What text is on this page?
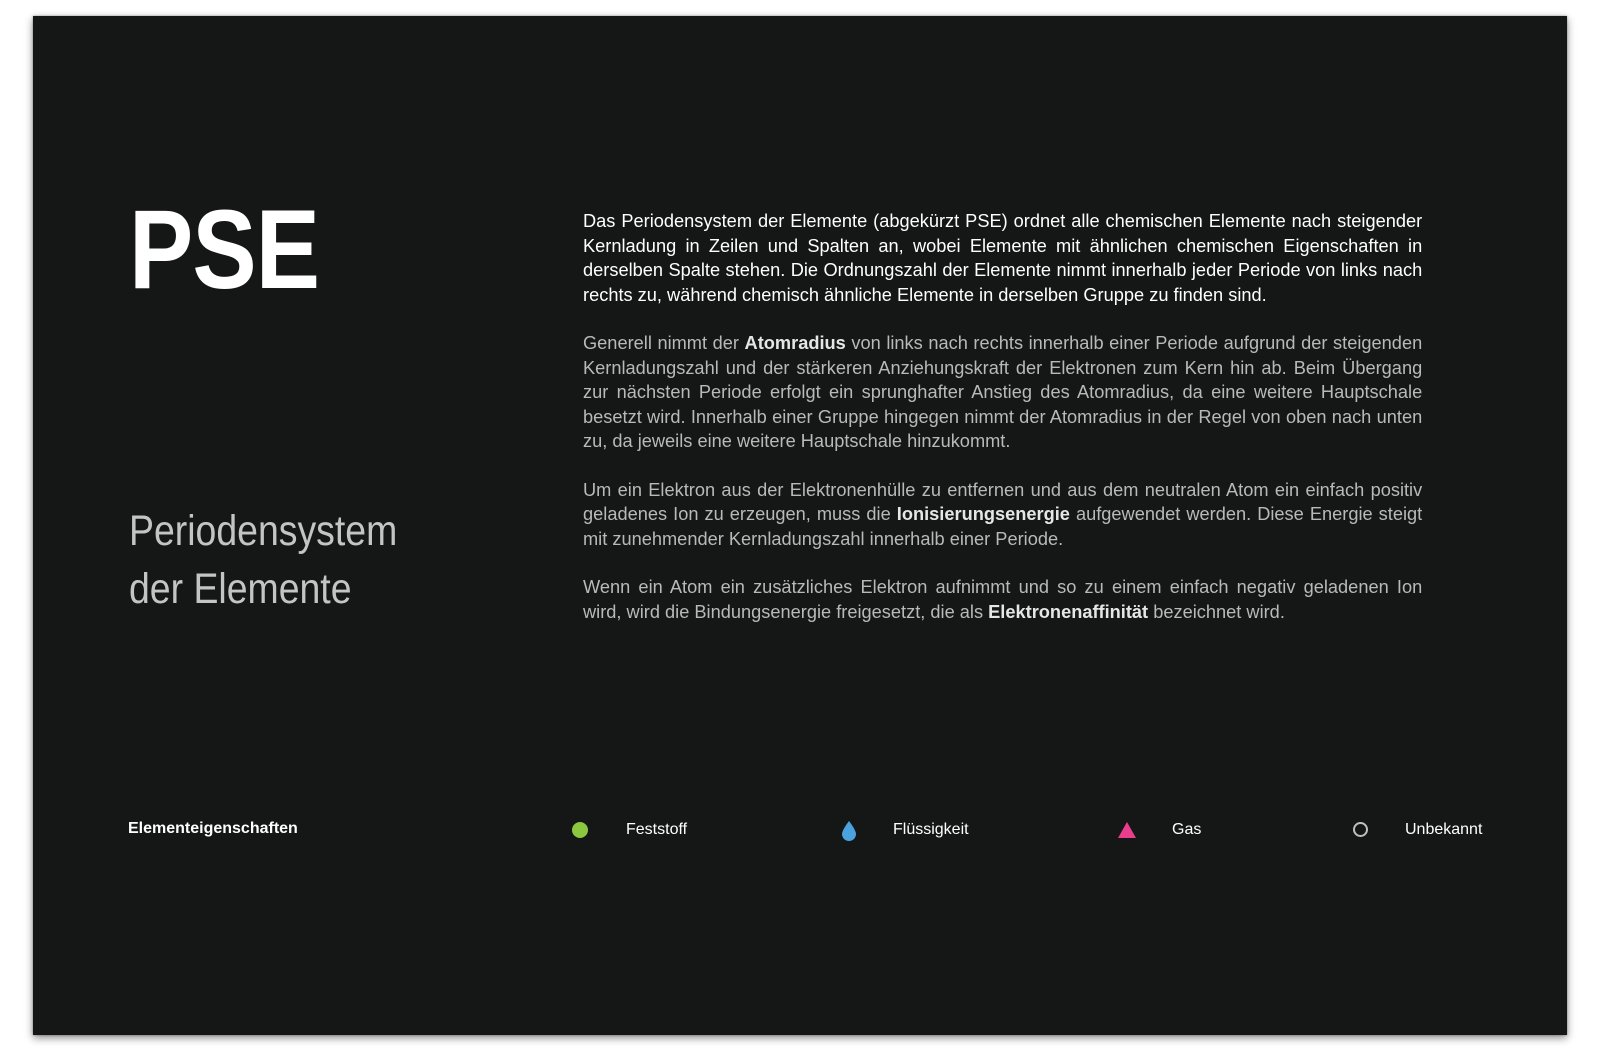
PSE
Periodensystem
der Elemente

Das Periodensystem der Elemente (abgekürzt PSE) ordnet alle chemischen Elemente nach steigender Kernladung in Zeilen und Spalten an, wobei Elemente mit ähnlichen chemischen Eigenschaften in derselben Spalte stehen. Die Ordnungszahl der Elemente nimmt innerhalb jeder Periode von links nach rechts zu, während chemisch ähnliche Elemente in derselben Gruppe zu finden sind.

Generell nimmt der Atomradius von links nach rechts innerhalb einer Periode aufgrund der steigenden Kernladungszahl und der stärkeren Anziehungskraft der Elektronen zum Kern hin ab. Beim Übergang zur nächsten Periode erfolgt ein sprunghafter Anstieg des Atomradius, da eine weitere Hauptschale besetzt wird. Innerhalb einer Gruppe hingegen nimmt der Atomradius in der Regel von oben nach unten zu, da jeweils eine weitere Hauptschale hinzukommt.

Um ein Elektron aus der Elektronenhülle zu entfernen und aus dem neutralen Atom ein einfach positiv geladenes Ion zu erzeugen, muss die Ionisierungsenergie aufgewendet werden. Diese Energie steigt mit zunehmender Kernladungszahl innerhalb einer Periode.

Wenn ein Atom ein zusätzliches Elektron aufnimmt und so zu einem einfach negativ geladenen Ion wird, wird die Bindungsenergie freigesetzt, die als Elektronenaffinität bezeichnet wird.

Elementeigenschaften	Feststoff	Flüssigkeit	Gas	Unbekannt
